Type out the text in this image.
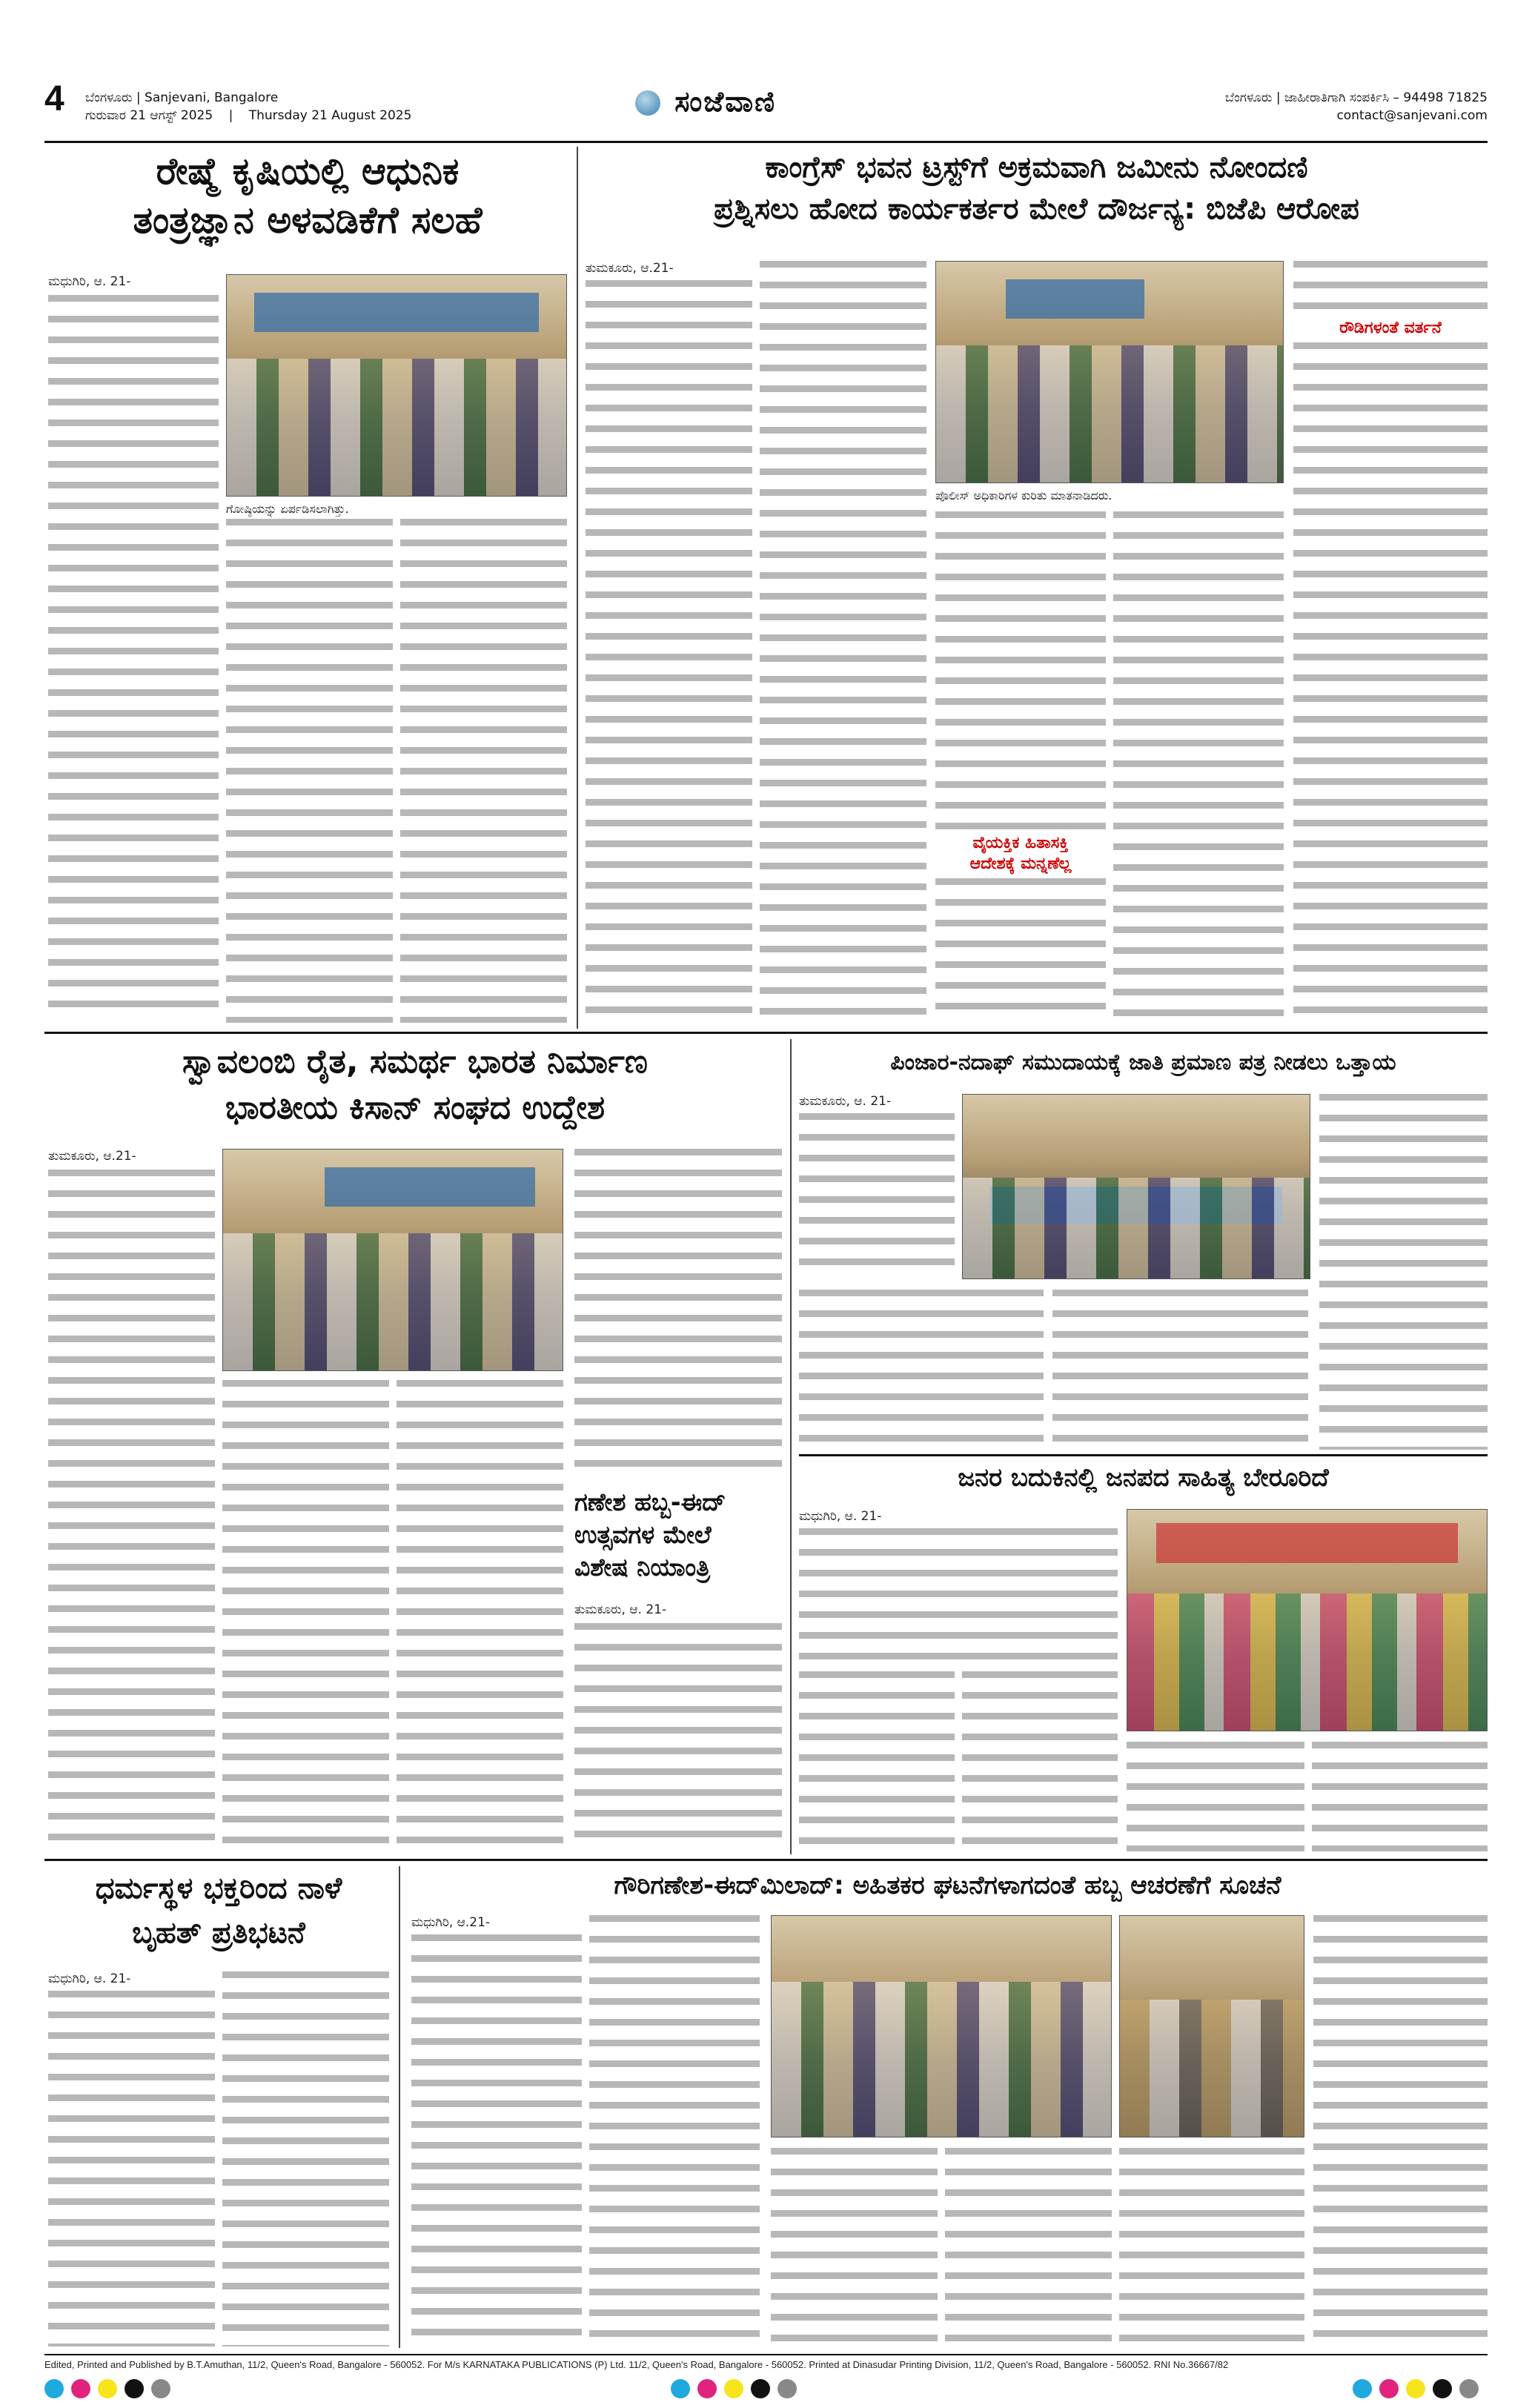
4 ಬೆಂಗಳೂರು | Sanjevani, Bangalore
ಗುರುವಾರ 21 ಆಗಸ್ಟ್ 2025 | Thursday 21 August 2025	ಸಂಜೆವಾಣಿ	ಬೆಂಗಳೂರು | ಜಾಹೀರಾತಿಗಾಗಿ ಸಂಪರ್ಕಿಸಿ – 94498 71825
contact@sanjevani.com
ರೇಷ್ಮೆ ಕೃಷಿಯಲ್ಲಿ ಆಧುನಿಕ
ತಂತ್ರಜ್ಞಾನ ಅಳವಡಿಕೆಗೆ ಸಲಹೆ
ಮಧುಗಿರಿ, ಆ. 21-
ಗೋಷ್ಠಿಯನ್ನು ಏರ್ಪಡಿಸಲಾಗಿತ್ತು.
ಕಾಂಗ್ರೆಸ್ ಭವನ ಟ್ರಸ್ಟ್‌ಗೆ ಅಕ್ರಮವಾಗಿ ಜಮೀನು ನೋಂದಣಿ
ಪ್ರಶ್ನಿಸಲು ಹೋದ ಕಾರ್ಯಕರ್ತರ ಮೇಲೆ ದೌರ್ಜನ್ಯ: ಬಿಜೆಪಿ ಆರೋಪ
ತುಮಕೂರು, ಆ.21-
ಪೊಲೀಸ್ ಅಧಿಕಾರಿಗಳ ಕುರಿತು ಮಾತನಾಡಿದರು.
ವೈಯಕ್ತಿಕ ಹಿತಾಸಕ್ತಿ
ಆದೇಶಕ್ಕೆ ಮನ್ನಣೆಲ್ಲ
ರೌಡಿಗಳಂತೆ ವರ್ತನೆ
ಸ್ವಾವಲಂಬಿ ರೈತ, ಸಮರ್ಥ ಭಾರತ ನಿರ್ಮಾಣ
ಭಾರತೀಯ ಕಿಸಾನ್ ಸಂಘದ ಉದ್ದೇಶ
ತುಮಕೂರು, ಆ.21-
ಗಣೇಶ ಹಬ್ಬ-ಈದ್
ಉತ್ಸವಗಳ ಮೇಲೆ
ವಿಶೇಷ ನಿಯಾಂತ್ರಿ
ತುಮಕೂರು, ಆ. 21-
ಪಿಂಜಾರ-ನದಾಫ್ ಸಮುದಾಯಕ್ಕೆ ಜಾತಿ ಪ್ರಮಾಣ ಪತ್ರ ನೀಡಲು ಒತ್ತಾಯ
ತುಮಕೂರು, ಆ. 21-
ಜನರ ಬದುಕಿನಲ್ಲಿ ಜನಪದ ಸಾಹಿತ್ಯ ಬೇರೂರಿದೆ
ಮಧುಗಿರಿ, ಆ. 21-
ಧರ್ಮಸ್ಥಳ ಭಕ್ತರಿಂದ ನಾಳೆ
ಬೃಹತ್ ಪ್ರತಿಭಟನೆ
ಮಧುಗಿರಿ, ಆ. 21-
ಗೌರಿಗಣೇಶ-ಈದ್‌ಮಿಲಾದ್: ಅಹಿತಕರ ಘಟನೆಗಳಾಗದಂತೆ ಹಬ್ಬ ಆಚರಣೆಗೆ ಸೂಚನೆ
ಮಧುಗಿರಿ, ಆ.21-
Edited, Printed and Published by B.T.Amuthan, 11/2, Queen's Road, Bangalore - 560052. For M/s KARNATAKA PUBLICATIONS (P) Ltd. 11/2, Queen's Road, Bangalore - 560052. Printed at Dinasudar Printing Division, 11/2, Queen's Road, Bangalore - 560052. RNI No.36667/82
